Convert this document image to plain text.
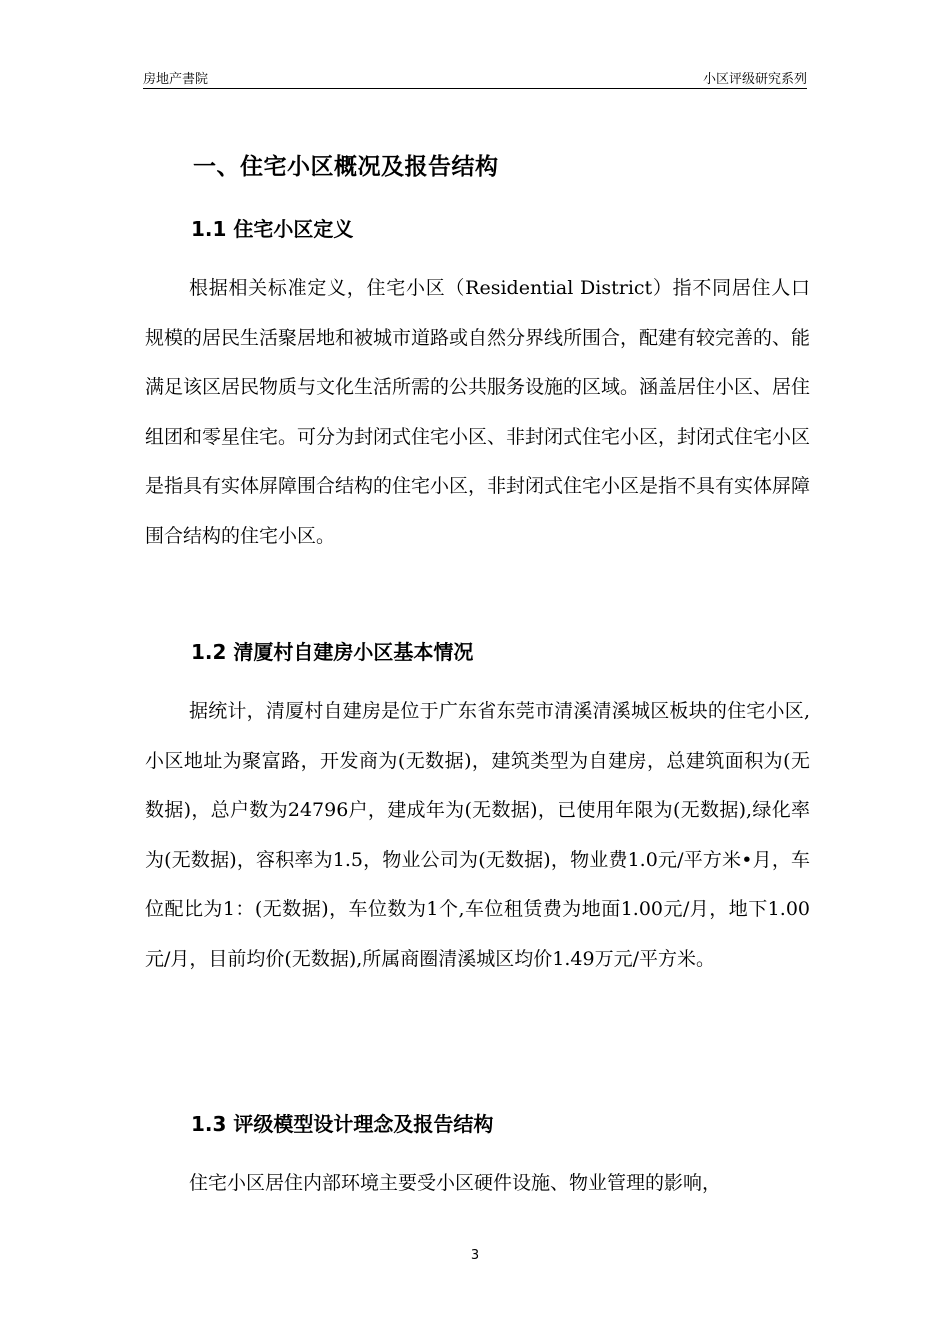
房地产書院	小区评级研究系列
一、住宅小区概况及报告结构
1.1 住宅小区定义

根据相关标准定义，住宅小区（Residential District）指不同居住人口规模的居民生活聚居地和被城市道路或自然分界线所围合，配建有较完善的、能满足该区居民物质与文化生活所需的公共服务设施的区域。涵盖居住小区、居住组团和零星住宅。可分为封闭式住宅小区、非封闭式住宅小区，封闭式住宅小区是指具有实体屏障围合结构的住宅小区，非封闭式住宅小区是指不具有实体屏障围合结构的住宅小区。

1.2 清厦村自建房小区基本情况

据统计，清厦村自建房是位于广东省东莞市清溪清溪城区板块的住宅小区,小区地址为聚富路，开发商为(无数据)，建筑类型为自建房，总建筑面积为(无数据)，总户数为24796户，建成年为(无数据)，已使用年限为(无数据),绿化率为(无数据)，容积率为1.5，物业公司为(无数据)，物业费1.0元/平方米•月，车位配比为1：(无数据)，车位数为1个,车位租赁费为地面1.00元/月，地下1.00元/月，目前均价(无数据),所属商圈清溪城区均价1.49万元/平方米。

1.3 评级模型设计理念及报告结构

住宅小区居住内部环境主要受小区硬件设施、物业管理的影响，

3
